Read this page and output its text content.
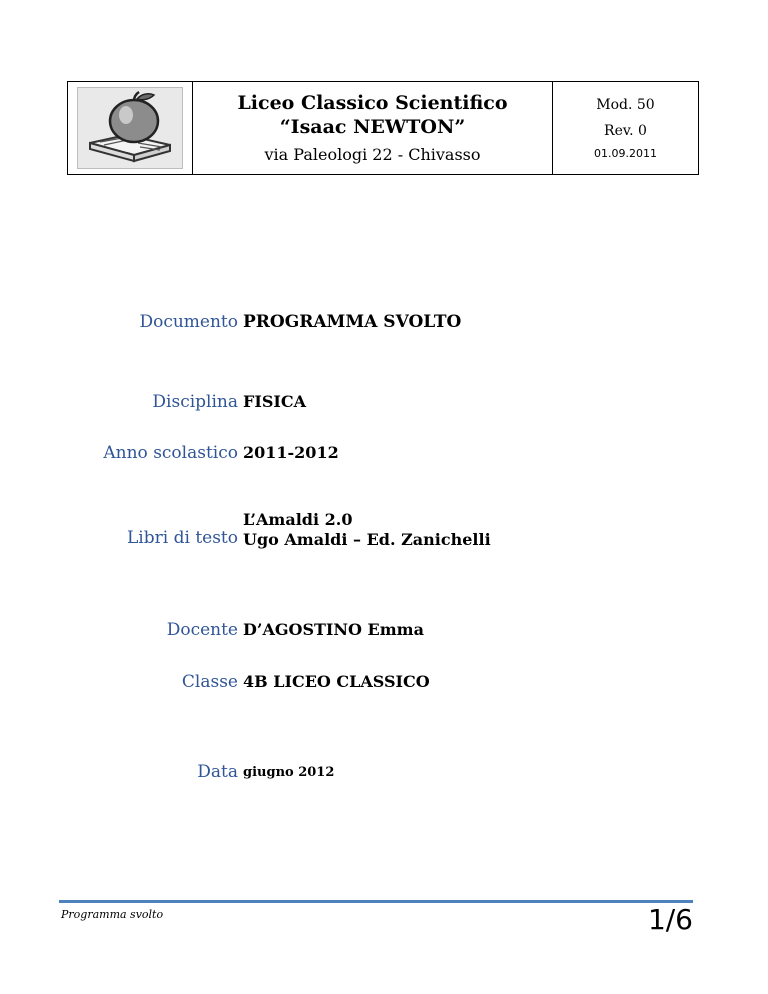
Liceo Classico Scientifico
“Isaac NEWTON”
via Paleologi 22 - Chivasso
Mod. 50
Rev. 0
01.09.2011
Documento PROGRAMMA SVOLTO
Disciplina FISICA
Anno scolastico 2011-2012
Libri di testo
L’Amaldi 2.0
Ugo Amaldi – Ed. Zanichelli
Docente D’AGOSTINO Emma
Classe 4B LICEO CLASSICO
Data giugno 2012
Programma svolto	1/6
